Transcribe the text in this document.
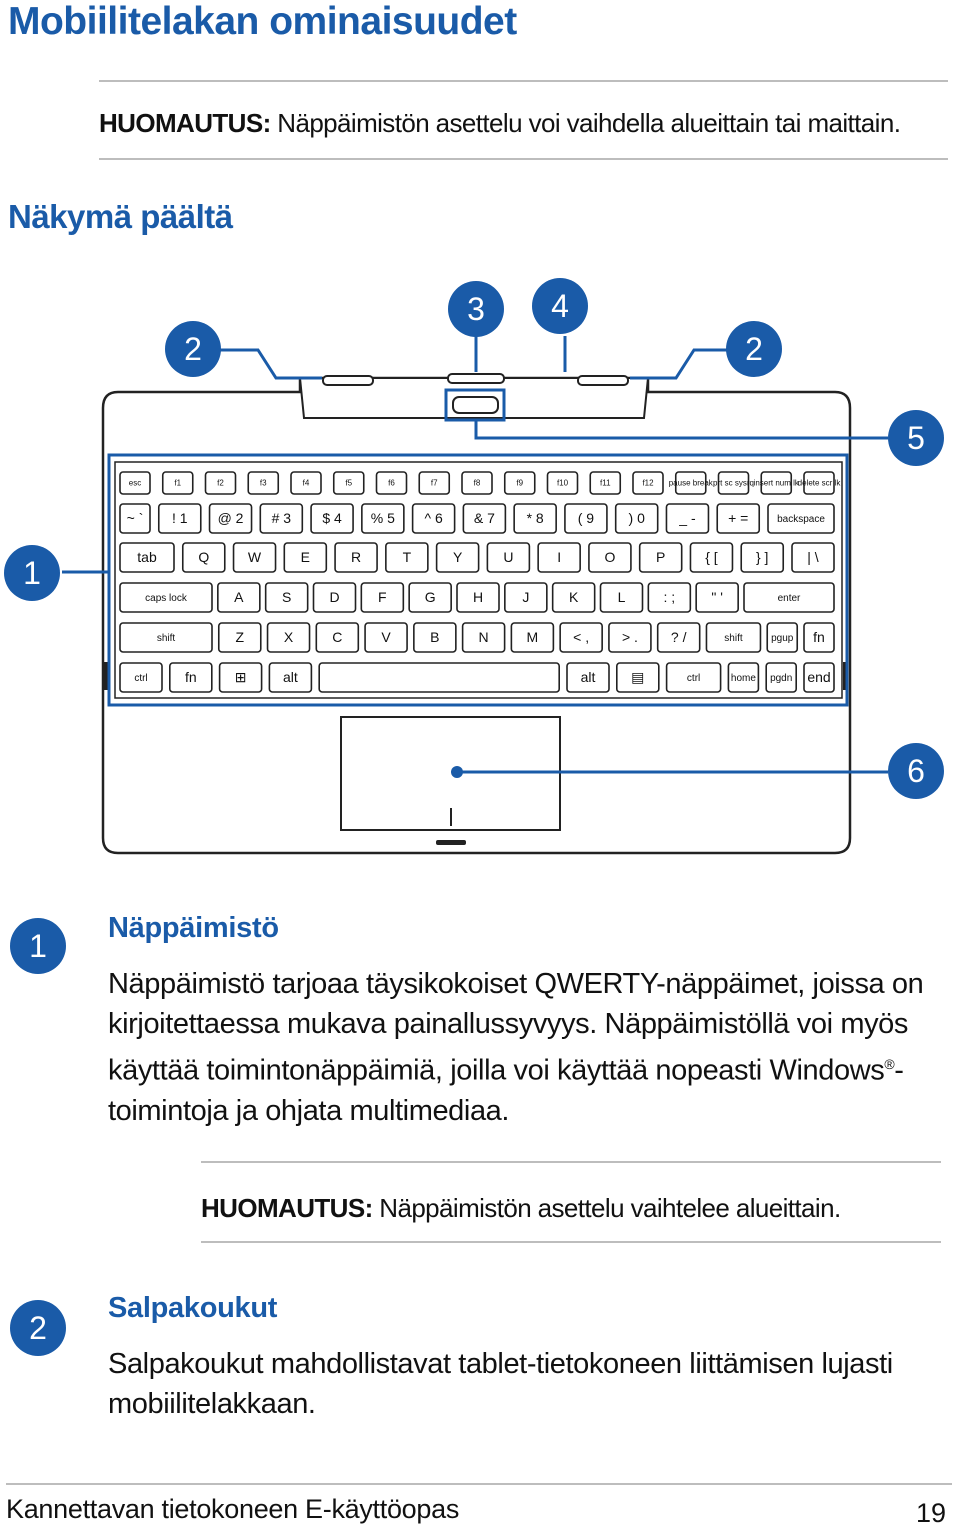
Mobiilitelakan ominaisuudet
HUOMAUTUS: Näppäimistön asettelu voi vaihdella alueittain tai maittain.
Näkymä päältä
esc	f1	f2	f3	f4	f5	f6	f7	f8	f9	f10	f11	f12 pause break prt sc sysrq insert num lk
delete scr lk
~ ` ! 1 @ 2 # 3 $ 4 % 5 ^ 6 & 7 * 8 ( 9 ) 0 _ - + =	backspace
tab	Q	W	E	R	T	Y	U	I	O	P	{ [	} ]	| \
caps lock	A	S	D	F	G	H	J	K	L	: ;	" '	enter
shift	Z	X	C	V	B	N	M < , > . ? /	shift	pgup fn
ctrl	fn	⊞	alt	alt	▤	ctrl	home pgdn end
1
2
3 4
2
5
6
1	Näppäimistö
Näppäimistö tarjoaa täysikokoiset QWERTY-näppäimet, joissa on kirjoitettaessa mukava painallussyvyys. Näppäimistöllä voi myös käyttää toimintonäppäimiä, joilla voi käyttää nopeasti Windows®-toimintoja ja ohjata multimediaa.
HUOMAUTUS: Näppäimistön asettelu vaihtelee alueittain.
2
Salpakoukut
Salpakoukut mahdollistavat tablet-tietokoneen liittämisen lujasti mobiilitelakkaan.
Kannettavan tietokoneen E-käyttöopas	19
